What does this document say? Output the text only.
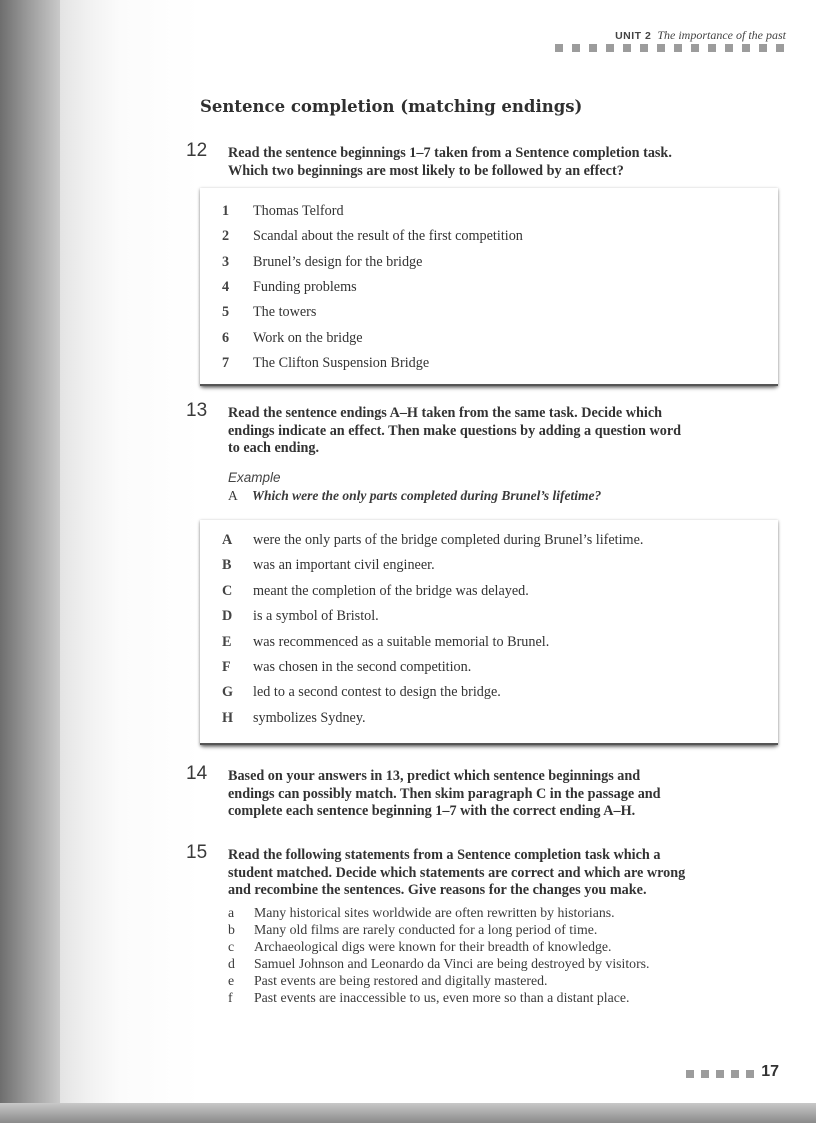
UNIT 2 The importance of the past
Sentence completion (matching endings)
12 Read the sentence beginnings 1–7 taken from a Sentence completion task.
Which two beginnings are most likely to be followed by an effect?

1 Thomas Telford
2 Scandal about the result of the first competition
3 Brunel’s design for the bridge
4 Funding problems
5 The towers
6 Work on the bridge
7 The Clifton Suspension Bridge
13 Read the sentence endings A–H taken from the same task. Decide which
endings indicate an effect. Then make questions by adding a question word
to each ending.

Example
A Which were the only parts completed during Brunel’s lifetime?
A were the only parts of the bridge completed during Brunel’s lifetime.
B was an important civil engineer.
C meant the completion of the bridge was delayed.
D is a symbol of Bristol.
E was recommenced as a suitable memorial to Brunel.
F was chosen in the second competition.
G led to a second contest to design the bridge.
H symbolizes Sydney.
14 Based on your answers in 13, predict which sentence beginnings and
endings can possibly match. Then skim paragraph C in the passage and
complete each sentence beginning 1–7 with the correct ending A–H.

15 Read the following statements from a Sentence completion task which a
student matched. Decide which statements are correct and which are wrong
and recombine the sentences. Give reasons for the changes you make.

a Many historical sites worldwide are often rewritten by historians.
b Many old films are rarely conducted for a long period of time.
c Archaeological digs were known for their breadth of knowledge.
d Samuel Johnson and Leonardo da Vinci are being destroyed by visitors.
e Past events are being restored and digitally mastered.
f Past events are inaccessible to us, even more so than a distant place.
17
